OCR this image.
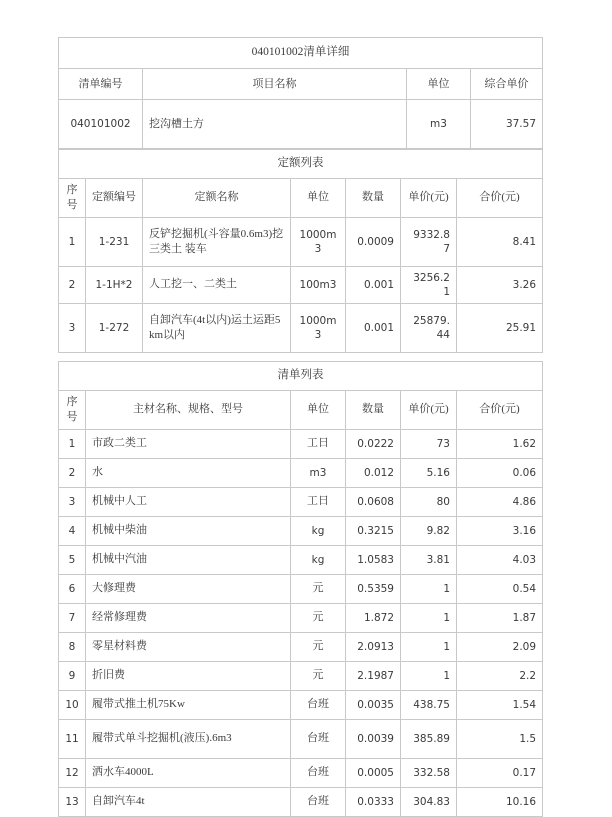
040101002清单详细			
清单编号	项目名称	单位	综合单价
040101002	挖沟槽土方	m3	37.57
定额列表						
序号	定额编号	定额名称	单位	数量	单价(元)	合价(元)
1	1-231	反铲挖掘机(斗容量0.6m3)挖三类土 装车	1000m3	0.0009	9332.87	8.41
2	1-1H*2	人工挖一、二类土	100m3	0.001	3256.21	3.26
3	1-272	自卸汽车(4t以内)运土运距5km以内	1000m3	0.001	25879.44	25.91
清单列表					
序号	主材名称、规格、型号	单位	数量	单价(元)	合价(元)
1	市政二类工	工日	0.0222	73	1.62
2	水	m3	0.012	5.16	0.06
3	机械中人工	工日	0.0608	80	4.86
4	机械中柴油	kg	0.3215	9.82	3.16
5	机械中汽油	kg	1.0583	3.81	4.03
6	大修理费	元	0.5359	1	0.54
7	经常修理费	元	1.872	1	1.87
8	零星材料费	元	2.0913	1	2.09
9	折旧费	元	2.1987	1	2.2
10	履带式推土机75Kw	台班	0.0035	438.75	1.54
11	履带式单斗挖掘机(液压).6m3	台班	0.0039	385.89	1.5
12	洒水车4000L	台班	0.0005	332.58	0.17
13	自卸汽车4t	台班	0.0333	304.83	10.16
